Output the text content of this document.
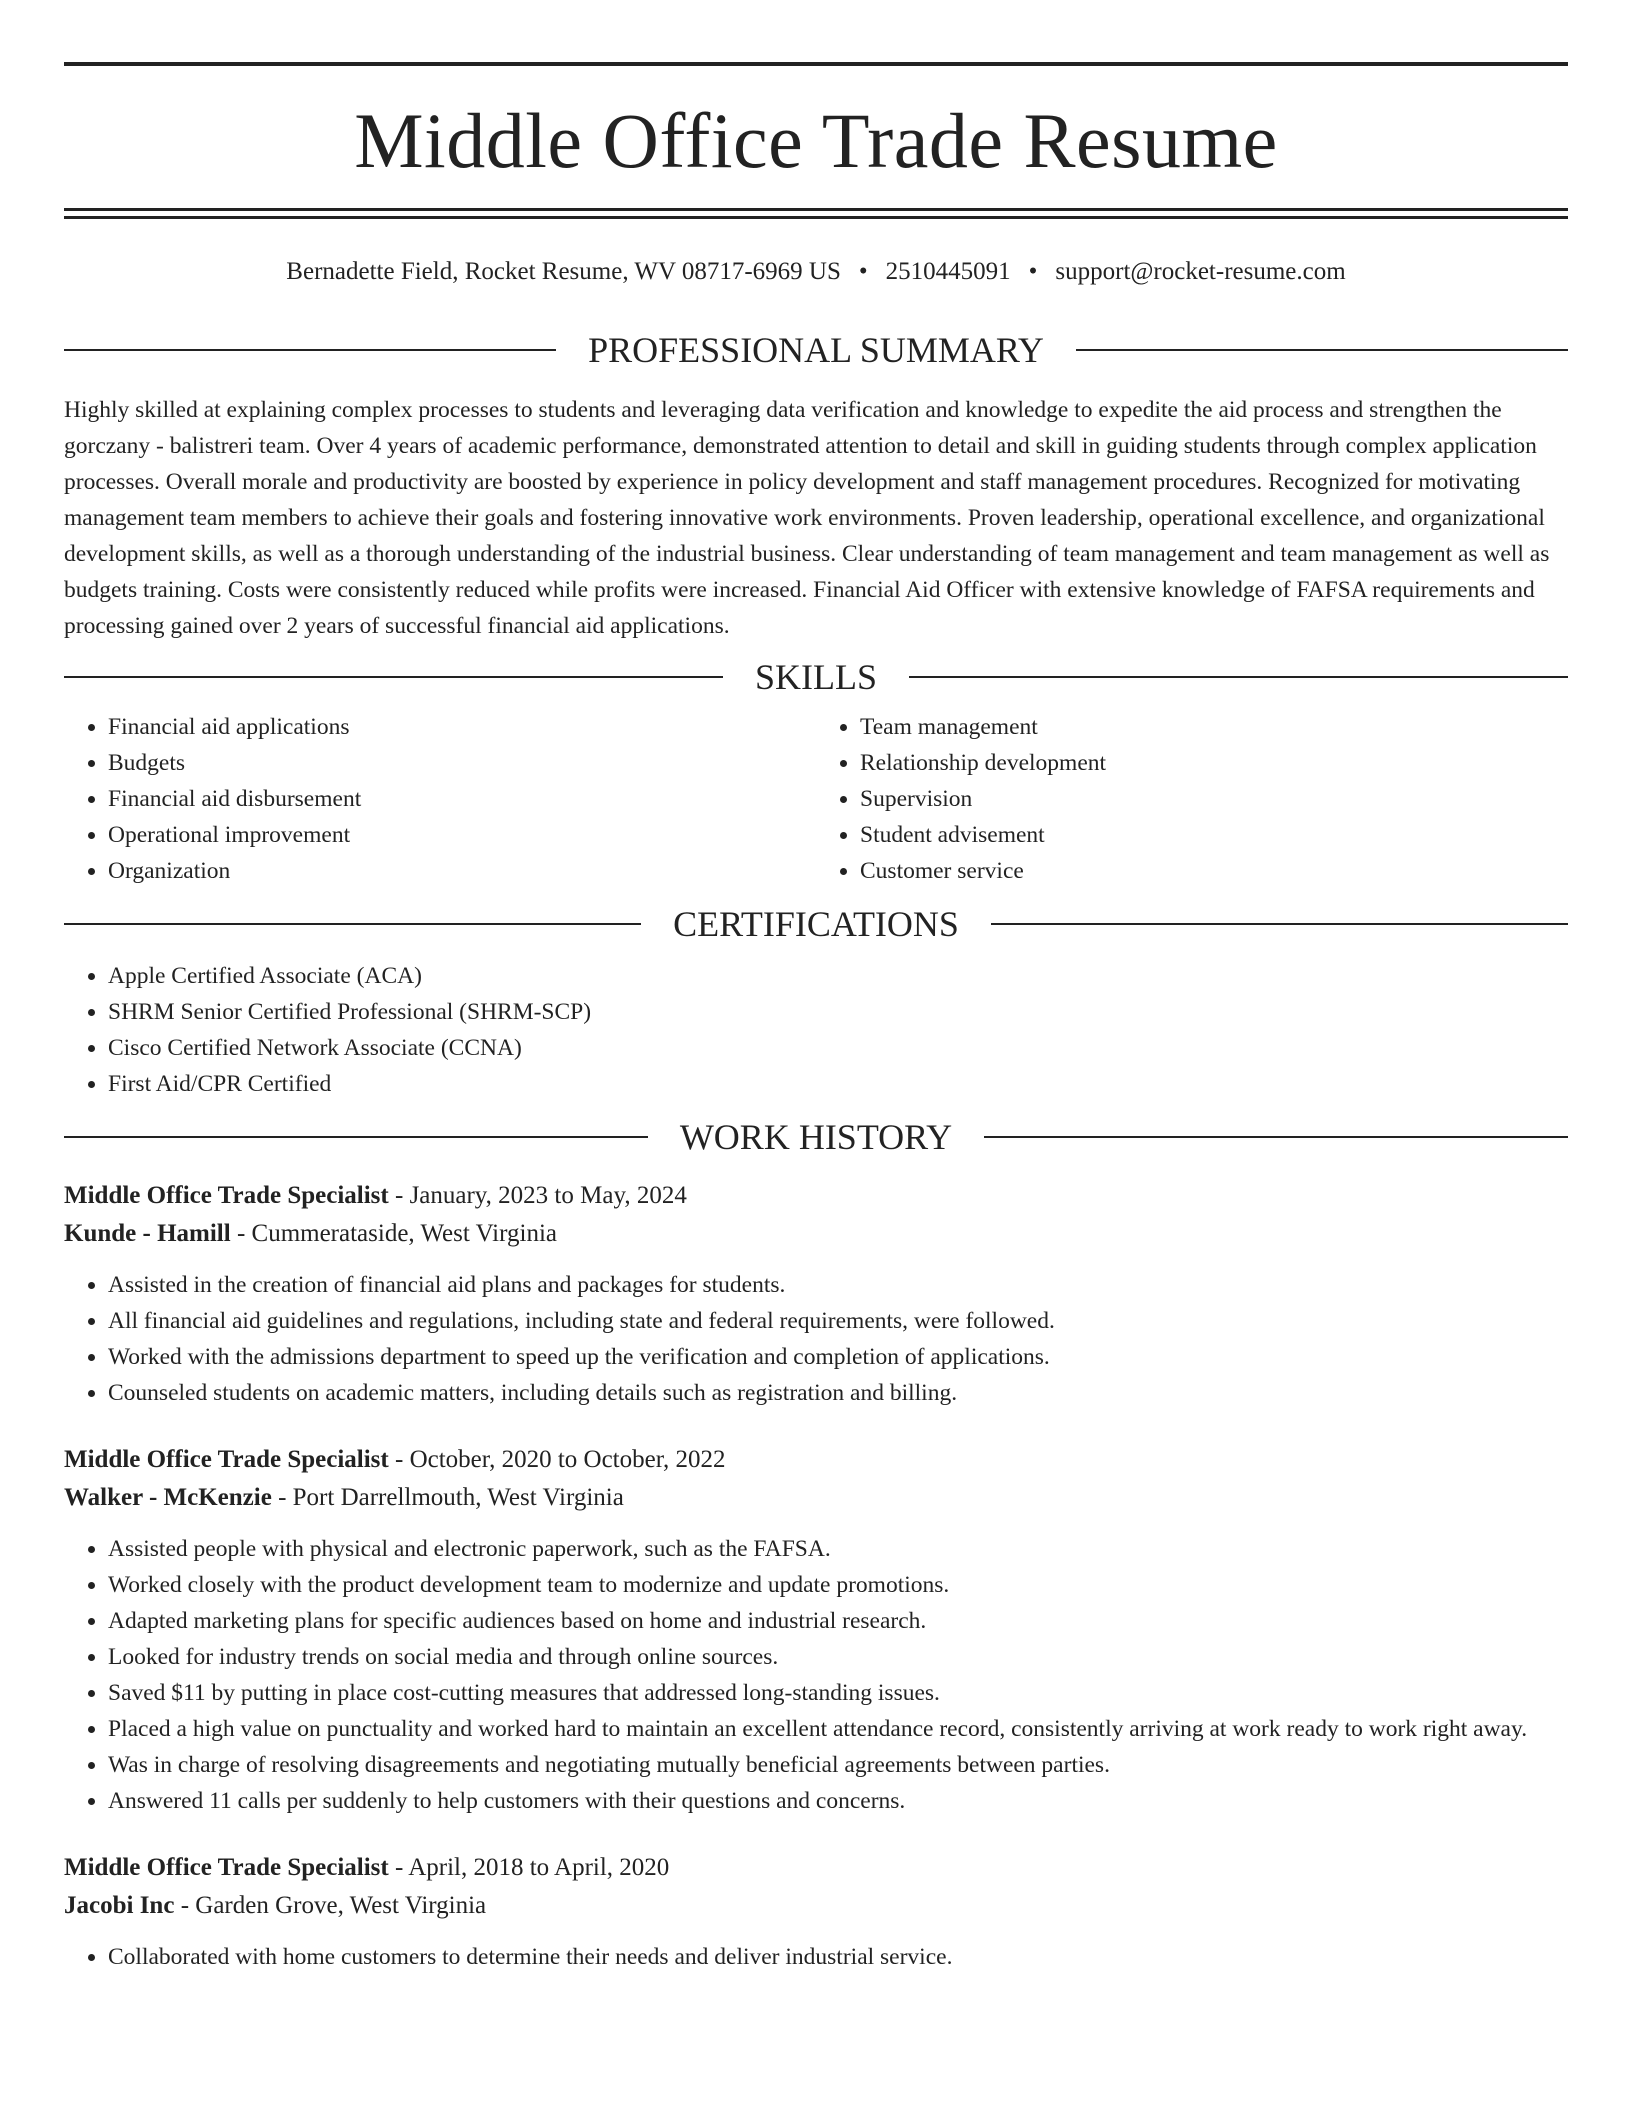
Middle Office Trade Resume
Bernadette Field, Rocket Resume, WV 08717-6969 US • 2510445091 • support@rocket-resume.com
PROFESSIONAL SUMMARY

Highly skilled at explaining complex processes to students and leveraging data verification and knowledge to expedite the aid process and strengthen the gorczany - balistreri team. Over 4 years of academic performance, demonstrated attention to detail and skill in guiding students through complex application processes. Overall morale and productivity are boosted by experience in policy development and staff management procedures. Recognized for motivating management team members to achieve their goals and fostering innovative work environments. Proven leadership, operational excellence, and organizational development skills, as well as a thorough understanding of the industrial business. Clear understanding of team management and team management as well as budgets training. Costs were consistently reduced while profits were increased. Financial Aid Officer with extensive knowledge of FAFSA requirements and processing gained over 2 years of successful financial aid applications.

SKILLS
• Financial aid applications
• Budgets
• Financial aid disbursement
• Operational improvement
• Organization
• Team management
• Relationship development
• Supervision
• Student advisement
• Customer service
CERTIFICATIONS
• Apple Certified Associate (ACA)
• SHRM Senior Certified Professional (SHRM-SCP)
• Cisco Certified Network Associate (CCNA)
• First Aid/CPR Certified
WORK HISTORY
Middle Office Trade Specialist - January, 2023 to May, 2024
Kunde - Hamill - Cummerataside, West Virginia
• Assisted in the creation of financial aid plans and packages for students.
• All financial aid guidelines and regulations, including state and federal requirements, were followed.
• Worked with the admissions department to speed up the verification and completion of applications.
• Counseled students on academic matters, including details such as registration and billing.
Middle Office Trade Specialist - October, 2020 to October, 2022
Walker - McKenzie - Port Darrellmouth, West Virginia
• Assisted people with physical and electronic paperwork, such as the FAFSA.
• Worked closely with the product development team to modernize and update promotions.
• Adapted marketing plans for specific audiences based on home and industrial research.
• Looked for industry trends on social media and through online sources.
• Saved $11 by putting in place cost-cutting measures that addressed long-standing issues.
• Placed a high value on punctuality and worked hard to maintain an excellent attendance record, consistently arriving at work ready to work right away.
• Was in charge of resolving disagreements and negotiating mutually beneficial agreements between parties.
• Answered 11 calls per suddenly to help customers with their questions and concerns.
Middle Office Trade Specialist - April, 2018 to April, 2020
Jacobi Inc - Garden Grove, West Virginia
• Collaborated with home customers to determine their needs and deliver industrial service.
